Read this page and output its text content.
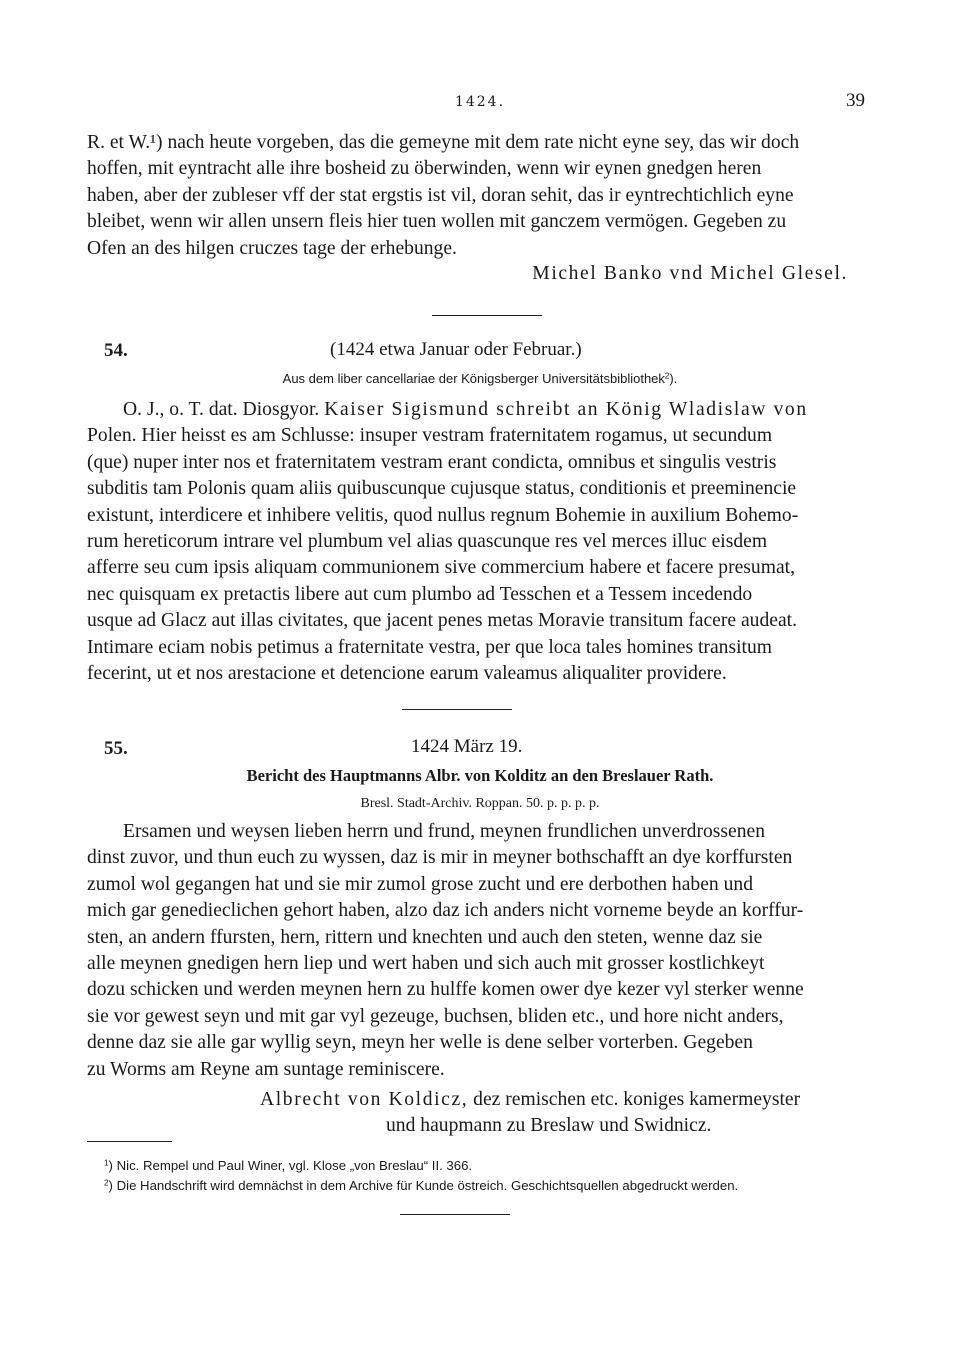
1424.	39

R. et W.¹) nach heute vorgeben, das die gemeyne mit dem rate nicht eyne sey, das wir doch

hoffen, mit eyntracht alle ihre bosheid zu öberwinden, wenn wir eynen gnedgen heren

haben, aber der zubleser vff der stat ergstis ist vil, doran sehit, das ir eyntrechtichlich eyne

bleibet, wenn wir allen unsern fleis hier tuen wollen mit ganczem vermögen. Gegeben zu

Ofen an des hilgen cruczes tage der erhebunge.

Michel Banko vnd Michel Glesel.
54.	(1424 etwa Januar oder Februar.)
Aus dem liber cancellariae der Königsberger Universitätsbibliothek$^2$).

O. J., o. T. dat. Diosgyor. Kaiser Sigismund schreibt an König Wladislaw von

Polen. Hier heisst es am Schlusse: insuper vestram fraternitatem rogamus, ut secundum

(que) nuper inter nos et fraternitatem vestram erant condicta, omnibus et singulis vestris

subditis tam Polonis quam aliis quibuscunque cujusque status, conditionis et preeminencie

existunt, interdicere et inhibere velitis, quod nullus regnum Bohemie in auxilium Bohemo-

rum hereticorum intrare vel plumbum vel alias quascunque res vel merces illuc eisdem

afferre seu cum ipsis aliquam communionem sive commercium habere et facere presumat,

nec quisquam ex pretactis libere aut cum plumbo ad Tesschen et a Tessem incedendo

usque ad Glacz aut illas civitates, que jacent penes metas Moravie transitum facere audeat.

Intimare eciam nobis petimus a fraternitate vestra, per que loca tales homines transitum

fecerint, ut et nos arestacione et detencione earum valeamus aliqualiter providere.

55.	1424 März 19.
Bericht des Hauptmanns Albr. von Kolditz an den Breslauer Rath.
Bresl. Stadt-Archiv. Roppan. 50. p. p. p. p.

Ersamen und weysen lieben herrn und frund, meynen frundlichen unverdrossenen

dinst zuvor, und thun euch zu wyssen, daz is mir in meyner bothschafft an dye korffursten

zumol wol gegangen hat und sie mir zumol grose zucht und ere derbothen haben und

mich gar genedieclichen gehort haben, alzo daz ich anders nicht vorneme beyde an korffur-

sten, an andern ffursten, hern, rittern und knechten und auch den steten, wenne daz sie

alle meynen gnedigen hern liep und wert haben und sich auch mit grosser kostlichkeyt

dozu schicken und werden meynen hern zu hulffe komen ower dye kezer vyl sterker wenne

sie vor gewest seyn und mit gar vyl gezeuge, buchsen, bliden etc., und hore nicht anders,

denne daz sie alle gar wyllig seyn, meyn her welle is dene selber vorterben. Gegeben

zu Worms am Reyne am suntage reminiscere.

Albrecht von Koldicz, dez remischen etc. koniges kamermeyster

und haupmann zu Breslaw und Swidnicz.

$^1$) Nic. Rempel und Paul Winer, vgl. Klose „von Breslau“ II. 366.

$^2$) Die Handschrift wird demnächst in dem Archive für Kunde östreich. Geschichtsquellen abgedruckt werden.
